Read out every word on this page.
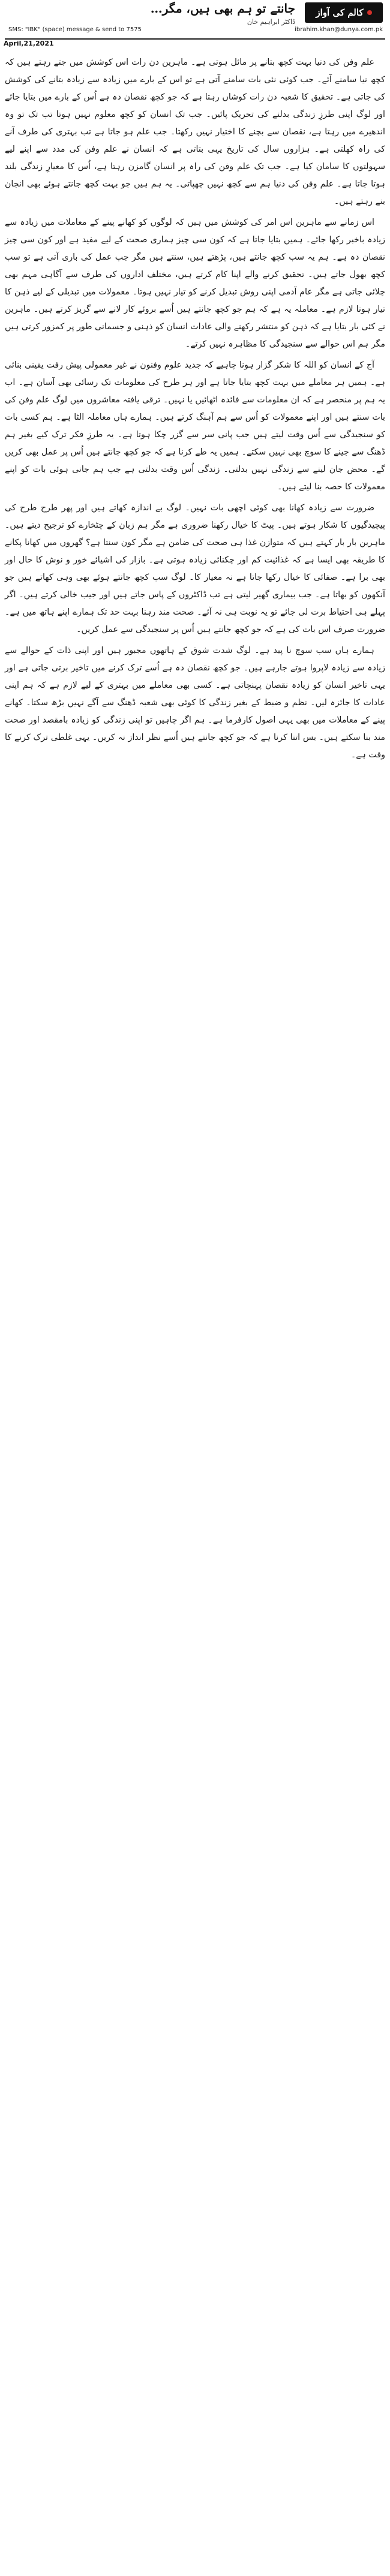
کالم کی آواز
جانتے تو ہم بھی ہیں، مگر…
ڈاکٹر ابراہیم خان
ibrahim.khan@dunya.com.pk
SMS: "IBK" (space) message & send to 7575
April,21,2021

علم وفن کی دنیا بہت کچھ بتانے پر مائل ہوتی ہے۔ ماہرین دن رات اس کوشش میں جتے رہتے ہیں کہ کچھ نیا سامنے آئے۔ جب کوئی نئی بات سامنے آتی ہے تو اس کے بارے میں زیادہ سے زیادہ بتانے کی کوشش کی جاتی ہے۔ تحقیق کا شعبہ دن رات کوشاں رہتا ہے کہ جو کچھ نقصان دہ ہے اُس کے بارے میں بتایا جائے اور لوگ اپنی طرزِ زندگی بدلنے کی تحریک پائیں۔ جب تک انسان کو کچھ معلوم نہیں ہوتا تب تک تو وہ اندھیرے میں رہتا ہے، نقصان سے بچنے کا اختیار نہیں رکھتا۔ جب علم ہو جاتا ہے تب بہتری کی طرف آنے کی راہ کھلتی ہے۔ ہزاروں سال کی تاریخ یہی بتاتی ہے کہ انسان نے علم وفن کی مدد سے اپنے لیے سہولتوں کا سامان کیا ہے۔ جب تک علم وفن کی راہ پر انسان گامزن رہتا ہے، اُس کا معیارِ زندگی بلند ہوتا جاتا ہے۔ علم وفن کی دنیا ہم سے کچھ نہیں چھپاتی۔ یہ ہم ہیں جو بہت کچھ جانتے ہوئے بھی انجان بنے رہتے ہیں۔

اس زمانے سے ماہرین اس امر کی کوشش میں ہیں کہ لوگوں کو کھانے پینے کے معاملات میں زیادہ سے زیادہ باخبر رکھا جائے۔ ہمیں بتایا جاتا ہے کہ کون سی چیز ہماری صحت کے لیے مفید ہے اور کون سی چیز نقصان دہ ہے۔ ہم یہ سب کچھ جانتے ہیں، پڑھتے ہیں، سنتے ہیں مگر جب عمل کی باری آتی ہے تو سب کچھ بھول جاتے ہیں۔ تحقیق کرنے والے اپنا کام کرتے ہیں، مختلف اداروں کی طرف سے آگاہی مہم بھی چلائی جاتی ہے مگر عام آدمی اپنی روش تبدیل کرنے کو تیار نہیں ہوتا۔ معمولات میں تبدیلی کے لیے ذہن کا تیار ہونا لازم ہے۔ معاملہ یہ ہے کہ ہم جو کچھ جانتے ہیں اُسے بروئے کار لانے سے گریز کرتے ہیں۔ ماہرین نے کئی بار بتایا ہے کہ ذہن کو منتشر رکھنے والی عادات انسان کو ذہنی و جسمانی طور پر کمزور کرتی ہیں مگر ہم اس حوالے سے سنجیدگی کا مظاہرہ نہیں کرتے۔

آج کے انسان کو اللہ کا شکر گزار ہونا چاہیے کہ جدید علوم وفنون نے غیر معمولی پیش رفت یقینی بنائی ہے۔ ہمیں ہر معاملے میں بہت کچھ بتایا جاتا ہے اور ہر طرح کی معلومات تک رسائی بھی آسان ہے۔ اب یہ ہم پر منحصر ہے کہ ان معلومات سے فائدہ اٹھائیں یا نہیں۔ ترقی یافتہ معاشروں میں لوگ علم وفن کی بات سنتے ہیں اور اپنے معمولات کو اُس سے ہم آہنگ کرتے ہیں۔ ہمارے ہاں معاملہ الٹا ہے۔ ہم کسی بات کو سنجیدگی سے اُس وقت لیتے ہیں جب پانی سر سے گزر چکا ہوتا ہے۔ یہ طرزِ فکر ترک کیے بغیر ہم ڈھنگ سے جینے کا سوچ بھی نہیں سکتے۔ ہمیں یہ طے کرنا ہے کہ جو کچھ جانتے ہیں اُس پر عمل بھی کریں گے۔ محض جان لینے سے زندگی نہیں بدلتی۔ زندگی اُس وقت بدلتی ہے جب ہم جانی ہوئی بات کو اپنے معمولات کا حصہ بنا لیتے ہیں۔

ضرورت سے زیادہ کھانا بھی کوئی اچھی بات نہیں۔ لوگ بے اندازہ کھاتے ہیں اور پھر طرح طرح کی پیچیدگیوں کا شکار ہوتے ہیں۔ پیٹ کا خیال رکھنا ضروری ہے مگر ہم زبان کے چٹخارے کو ترجیح دیتے ہیں۔ ماہرین بار بار کہتے ہیں کہ متوازن غذا ہی صحت کی ضامن ہے مگر کون سنتا ہے؟ گھروں میں کھانا پکانے کا طریقہ بھی ایسا ہے کہ غذائیت کم اور چکنائی زیادہ ہوتی ہے۔ بازار کی اشیائے خور و نوش کا حال اور بھی برا ہے۔ صفائی کا خیال رکھا جاتا ہے نہ معیار کا۔ لوگ سب کچھ جانتے ہوئے بھی وہی کھاتے ہیں جو آنکھوں کو بھاتا ہے۔ جب بیماری گھیر لیتی ہے تب ڈاکٹروں کے پاس جاتے ہیں اور جیب خالی کرتے ہیں۔ اگر پہلے ہی احتیاط برت لی جائے تو یہ نوبت ہی نہ آئے۔ صحت مند رہنا بہت حد تک ہمارے اپنے ہاتھ میں ہے۔ ضرورت صرف اس بات کی ہے کہ جو کچھ جانتے ہیں اُس پر سنجیدگی سے عمل کریں۔

ہمارے ہاں سب سوچ نا پید ہے۔ لوگ شدت شوق کے ہاتھوں مجبور ہیں اور اپنی ذات کے حوالے سے زیادہ سے زیادہ لاپروا ہوتے جارہے ہیں۔ جو کچھ نقصان دہ ہے اُسے ترک کرنے میں تاخیر برتی جاتی ہے اور یہی تاخیر انسان کو زیادہ نقصان پہنچاتی ہے۔ کسی بھی معاملے میں بہتری کے لیے لازم ہے کہ ہم اپنی عادات کا جائزہ لیں۔ نظم و ضبط کے بغیر زندگی کا کوئی بھی شعبہ ڈھنگ سے آگے نہیں بڑھ سکتا۔ کھانے پینے کے معاملات میں بھی یہی اصول کارفرما ہے۔ ہم اگر چاہیں تو اپنی زندگی کو زیادہ بامقصد اور صحت مند بنا سکتے ہیں۔ بس اتنا کرنا ہے کہ جو کچھ جانتے ہیں اُسے نظر انداز نہ کریں۔ یہی غلطی ترک کرنے کا وقت ہے۔
